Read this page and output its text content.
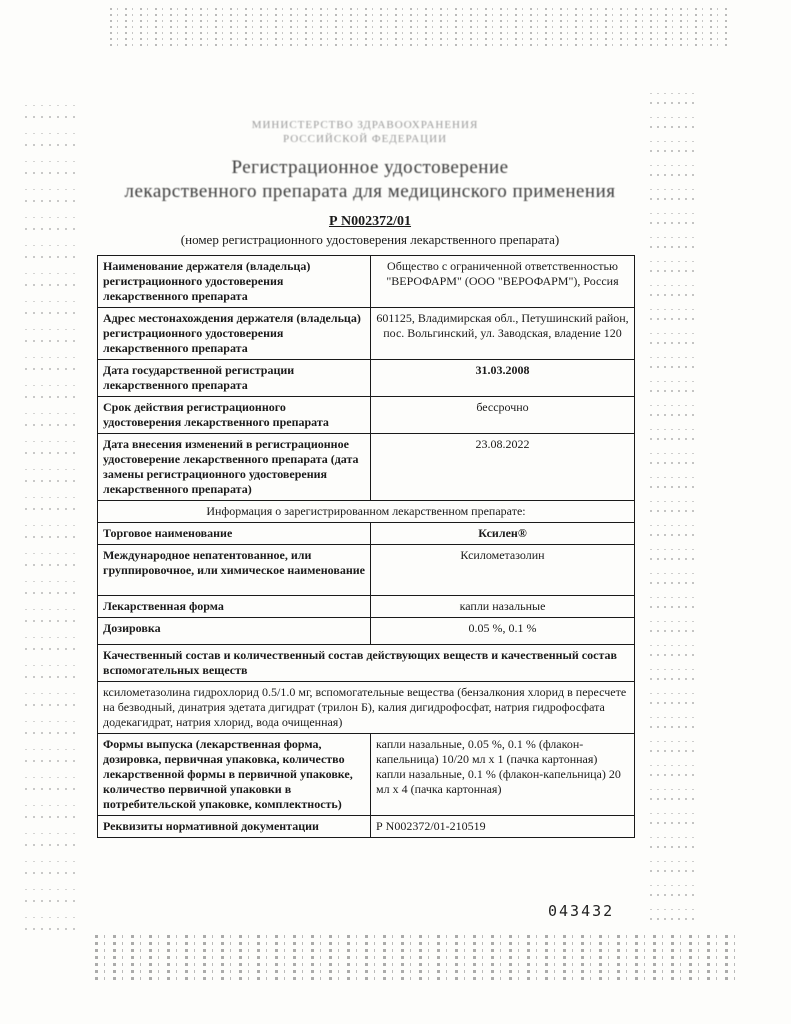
МИНИСТЕРСТВО ЗДРАВООХРАНЕНИЯ РОССИЙСКОЙ ФЕДЕРАЦИИ
Регистрационное удостоверение
лекарственного препарата для медицинского применения
Р N002372/01
(номер регистрационного удостоверения лекарственного препарата)
Наименование держателя (владельца) регистрационного удостоверения лекарственного препарата	Общество с ограниченной ответственностью "ВЕРОФАРМ" (ООО "ВЕРОФАРМ"), Россия
Адрес местонахождения держателя (владельца) регистрационного удостоверения лекарственного препарата	601125, Владимирская обл., Петушинский район, пос. Вольгинский, ул. Заводская, владение 120
Дата государственной регистрации лекарственного препарата	31.03.2008
Срок действия регистрационного удостоверения лекарственного препарата	бессрочно
Дата внесения изменений в регистрационное удостоверение лекарственного препарата (дата замены регистрационного удостоверения лекарственного препарата)	23.08.2022
Информация о зарегистрированном лекарственном препарате:	
Торговое наименование	Ксилен®
Международное непатентованное, или группировочное, или химическое наименование	Ксилометазолин
Лекарственная форма	капли назальные
Дозировка	0.05 %, 0.1 %
Качественный состав и количественный состав действующих веществ и качественный состав вспомогательных веществ	
ксилометазолина гидрохлорид 0.5/1.0 мг, вспомогательные вещества (бензалкония хлорид в пересчете на безводный, динатрия эдетата дигидрат (трилон Б), калия дигидрофосфат, натрия гидрофосфата додекагидрат, натрия хлорид, вода очищенная)	
Формы выпуска (лекарственная форма, дозировка, первичная упаковка, количество лекарственной формы в первичной упаковке, количество первичной упаковки в потребительской упаковке, комплектность)	капли назальные, 0.05 %, 0.1 % (флакон-капельница) 10/20 мл x 1 (пачка картонная)
капли назальные, 0.1 % (флакон-капельница) 20 мл x 4 (пачка картонная)

Реквизиты нормативной документации	Р N002372/01-210519
043432
